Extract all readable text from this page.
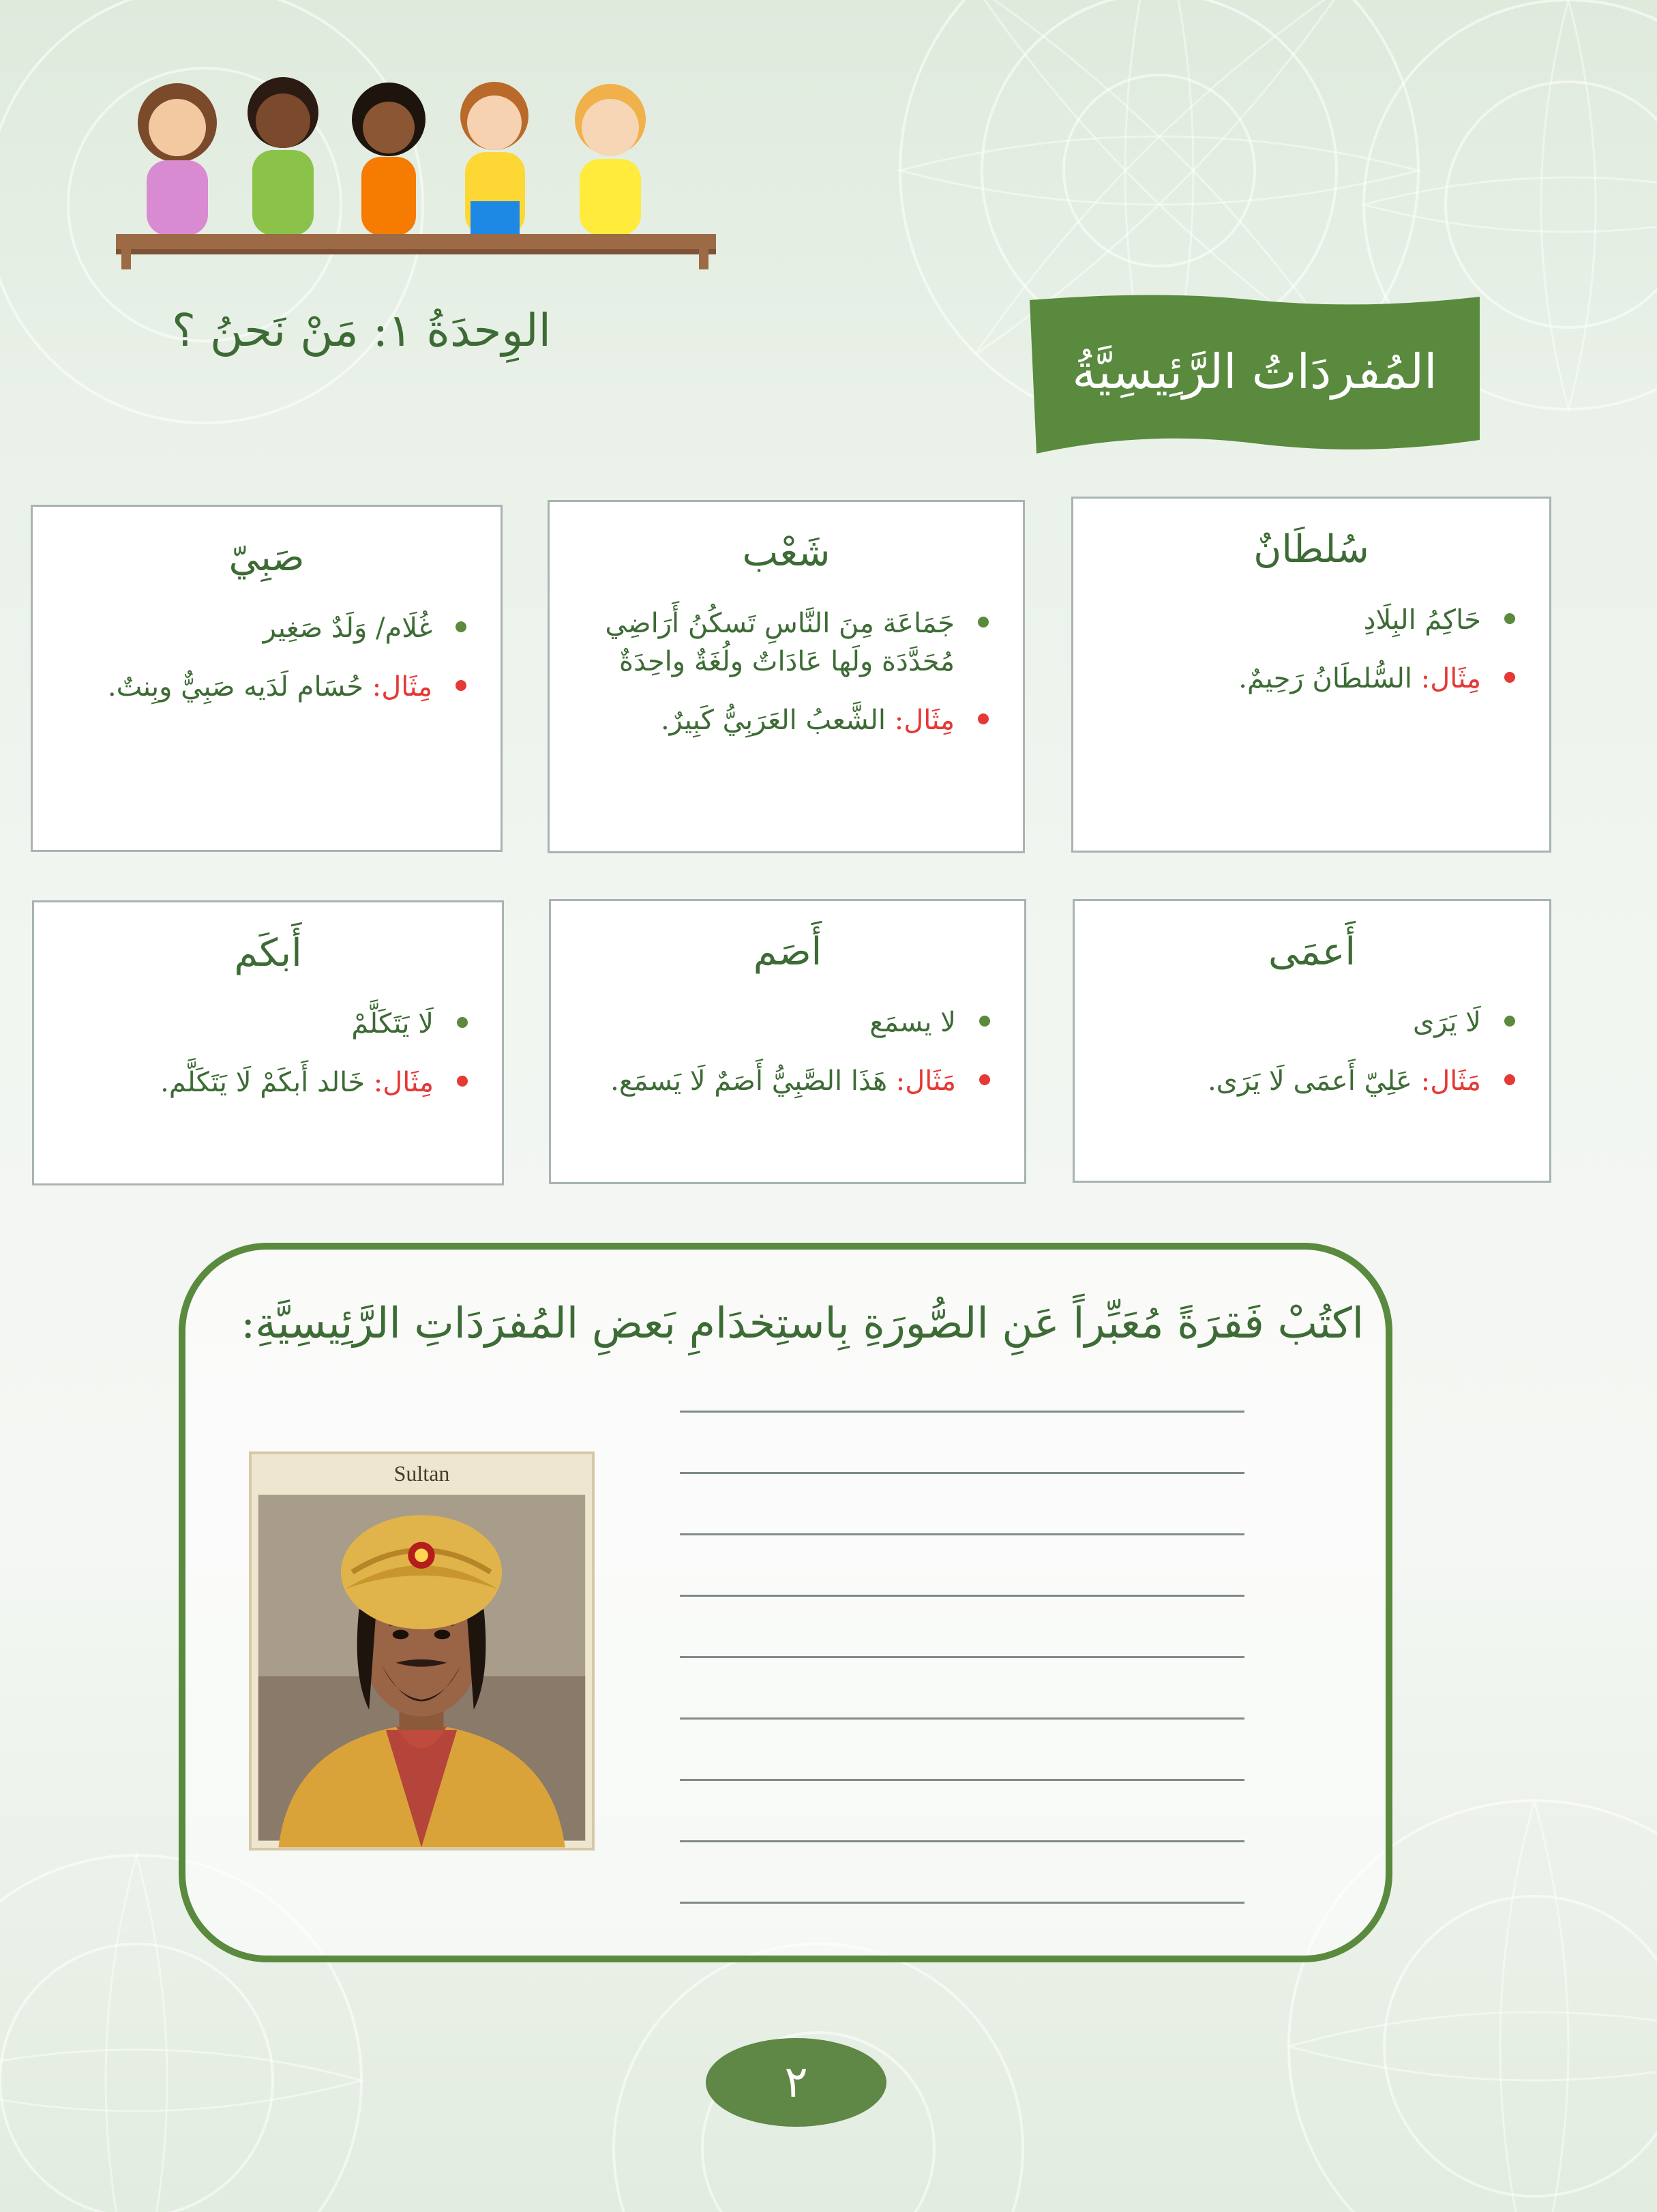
الوِحدَةُ ١: مَنْ نَحنُ ؟
المُفردَاتُ الرَّئِيسِيَّةُ
سُلطَانٌ
حَاكِمُ البِلَادِ
مِثَال: السُّلطَانُ رَحِيمٌ.
شَعْب
جَمَاعَة مِنَ النَّاسِ تَسكُنُ أَرَاضِي مُحَدَّدَة ولَها عَادَاتٌ ولُغَةٌ واحِدَةٌ
مِثَال: الشَّعبُ العَرَبِيُّ كَبِيرٌ.
صَبِيّ
غُلَام/ وَلَدٌ صَغِير
مِثَال: حُسَام لَدَيه صَبِيٌّ وبِنتٌ.
أَعمَى
لَا يَرَى
مَثَال: عَلِيّ أَعمَى لَا يَرَى.
أَصَم
لا يسمَع
مَثَال: هَذَا الصَّبِيُّ أَصَمٌ لَا يَسمَع.
أَبكَم
لَا يَتَكَلَّمْ
مِثَال: خَالد أَبكَمْ لَا يَتَكَلَّم.
اكتُبْ فَقرَةً مُعَبِّراً عَنِ الصُّورَةِ بِاستِخدَامِ بَعضِ المُفرَدَاتِ الرَّئِيسِيَّةِ:
Sultan
٢
